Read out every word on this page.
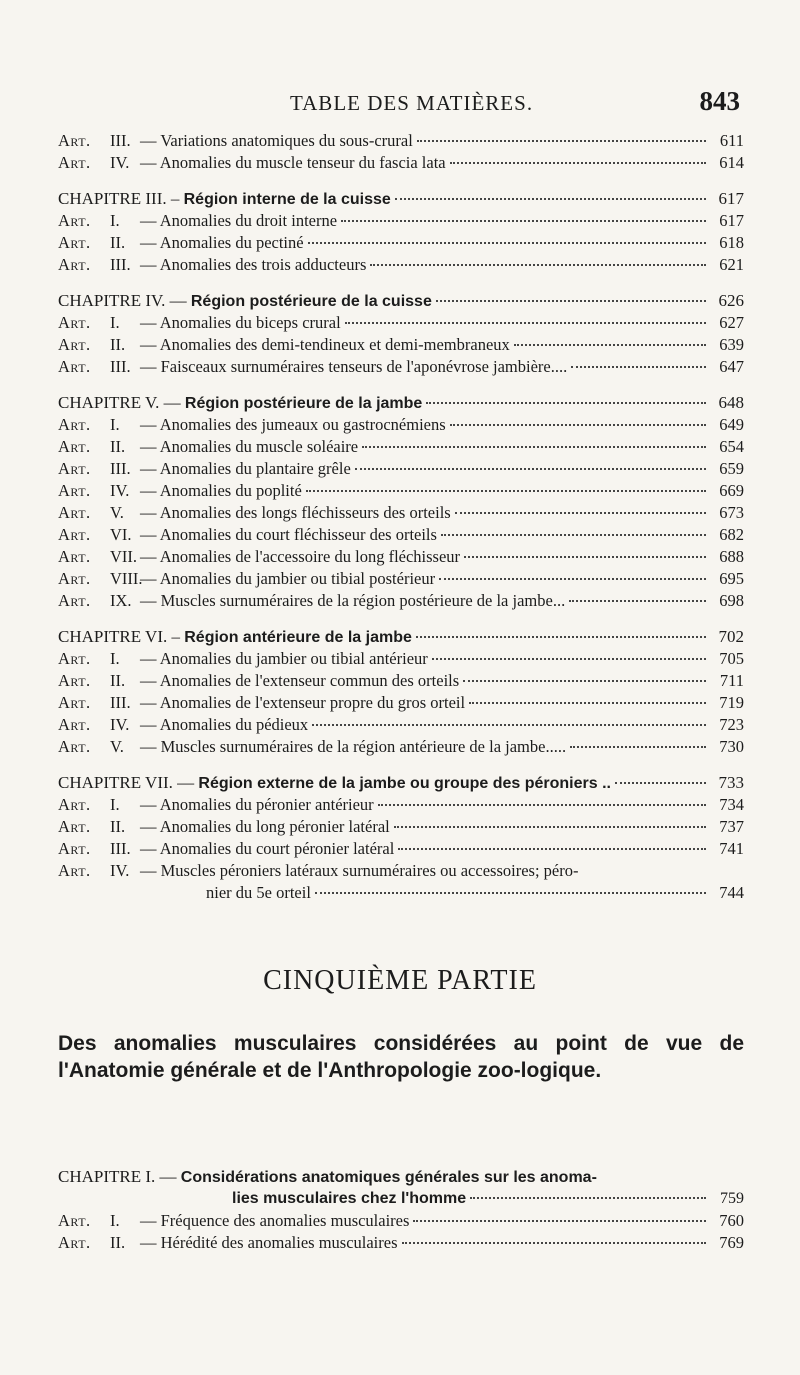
TABLE DES MATIÈRES.	843
Art. III. — Variations anatomiques du sous-crural	611
Art. IV. — Anomalies du muscle tenseur du fascia lata	614
CHAPITRE III. – Région interne de la cuisse	617
Art. I. — Anomalies du droit interne	617
Art. II. — Anomalies du pectiné	618
Art. III. — Anomalies des trois adducteurs	621
CHAPITRE IV. — Région postérieure de la cuisse	626
Art. I. — Anomalies du biceps crural	627
Art. II. — Anomalies des demi-tendineux et demi-membraneux	639
Art. III. — Faisceaux surnuméraires tenseurs de l'aponévrose jambière....	647
CHAPITRE V. — Région postérieure de la jambe	648
Art. I. — Anomalies des jumeaux ou gastrocnémiens	649
Art. II. — Anomalies du muscle soléaire	654
Art. III. — Anomalies du plantaire grêle	659
Art. IV. — Anomalies du poplité	669
Art. V. — Anomalies des longs fléchisseurs des orteils	673
Art. VI. — Anomalies du court fléchisseur des orteils	682
Art. VII. — Anomalies de l'accessoire du long fléchisseur	688
Art. VIII.— Anomalies du jambier ou tibial postérieur	695
Art. IX. — Muscles surnuméraires de la région postérieure de la jambe...	698
CHAPITRE VI. – Région antérieure de la jambe	702
Art. I. — Anomalies du jambier ou tibial antérieur	705
Art. II. — Anomalies de l'extenseur commun des orteils	711
Art. III. — Anomalies de l'extenseur propre du gros orteil	719
Art. IV. — Anomalies du pédieux	723
Art. V. — Muscles surnuméraires de la région antérieure de la jambe.....	730
CHAPITRE VII. — Région externe de la jambe ou groupe des péroniers ..	733
Art. I. — Anomalies du péronier antérieur	734
Art. II. — Anomalies du long péronier latéral	737
Art. III. — Anomalies du court péronier latéral	741
Art. IV. — Muscles péroniers latéraux surnuméraires ou accessoires; péro-
nier du 5e orteil	744
CINQUIÈME PARTIE
Des anomalies musculaires considérées au point de vue de l'Anatomie générale et de l'Anthropologie zoo-logique.
CHAPITRE I. — Considérations anatomiques générales sur les anoma-
lies musculaires chez l'homme	759
Art. I. — Fréquence des anomalies musculaires	760
Art. II. — Hérédité des anomalies musculaires	769
